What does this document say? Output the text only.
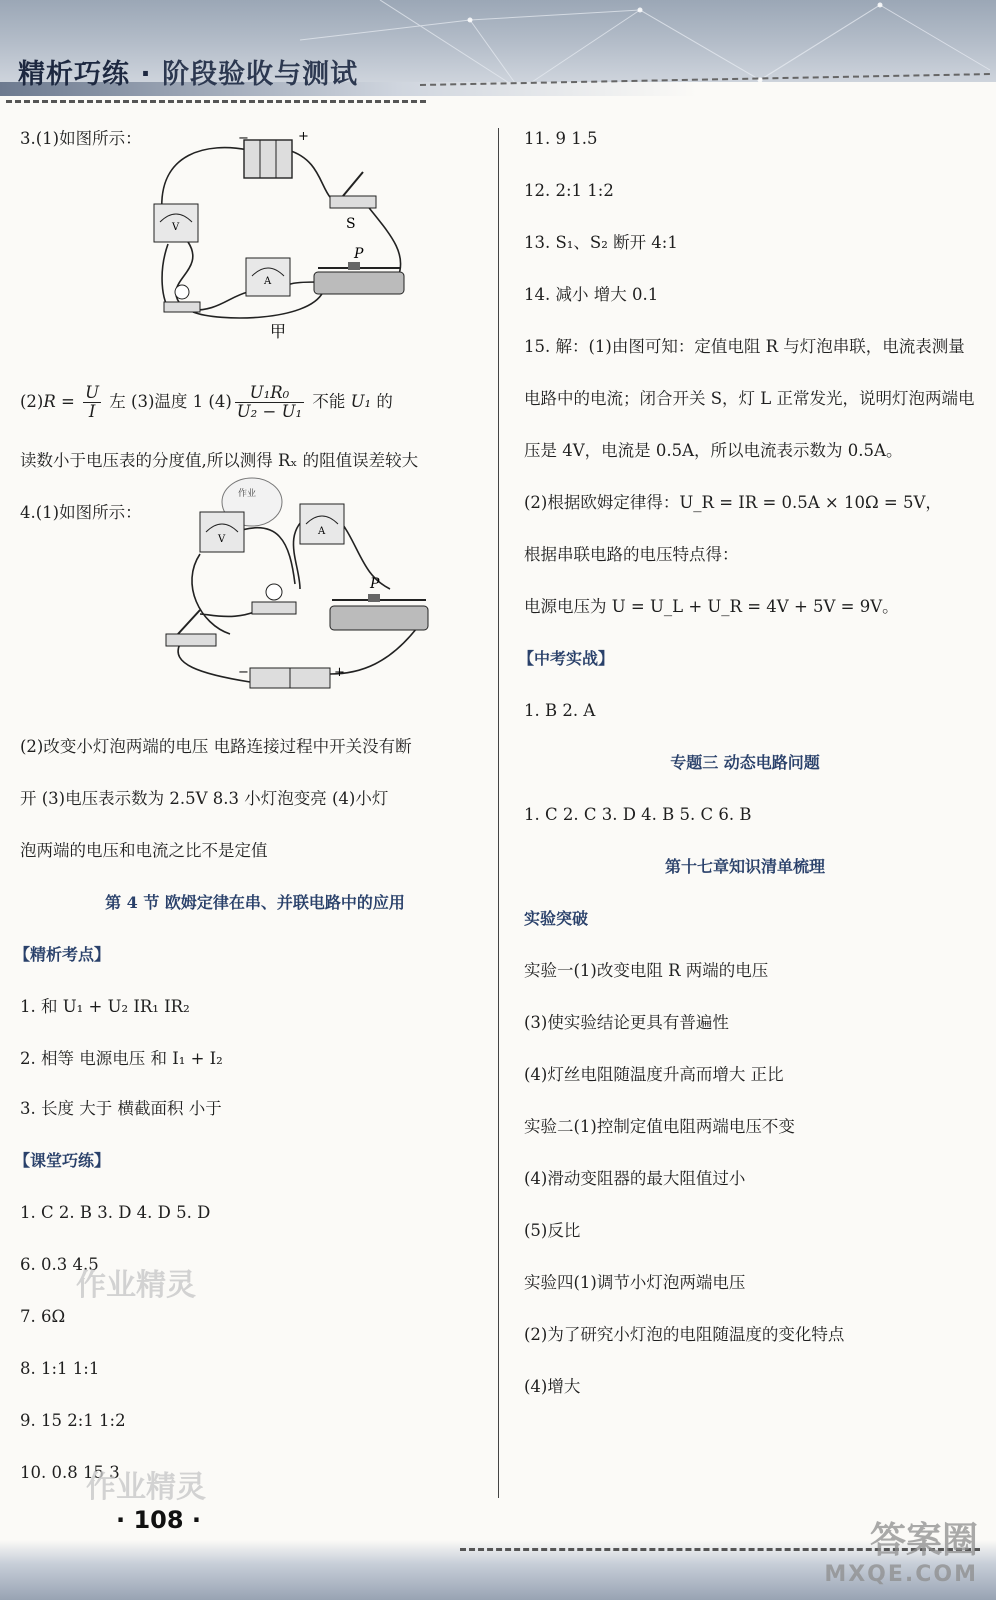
精析巧练 · 阶段验收与测试
3.(1)如图所示：	−	+
S
V
A
P
甲
$(2)R = \frac{U}{I}$ 左 (3)温度 1 $(4) \frac{\text{U₁R₀}}{\text{U₂ − U₁}}$ 不能 U₁ 的
读数小于电压表的分度值,所以测得 Rₓ 的阻值误差较大
4.(1)如图所示：
作业
V
A
P
−	+
(2)改变小灯泡两端的电压 电路连接过程中开关没有断
开 (3)电压表示数为 2.5V 8.3 小灯泡变亮 (4)小灯
泡两端的电压和电流之比不是定值
第 4 节 欧姆定律在串、并联电路中的应用
【精析考点】
1. 和 U₁ + U₂ IR₁ IR₂
2. 相等 电源电压 和 I₁ + I₂
3. 长度 大于 横截面积 小于
【课堂巧练】
1. C 2. B 3. D 4. D 5. D
6. 0.3 4.5
7. 6Ω
8. 1:1 1:1
9. 15 2:1 1:2
10. 0.8 15 3
作业精灵
作业精灵
11. 9 1.5
12. 2:1 1:2
13. S₁、S₂ 断开 4:1
14. 减小 增大 0.1
15. 解：(1)由图可知：定值电阻 R 与灯泡串联，电流表测量
电路中的电流；闭合开关 S，灯 L 正常发光，说明灯泡两端电
压是 4V，电流是 0.5A，所以电流表示数为 0.5A。
(2)根据欧姆定律得：U_R = IR = 0.5A × 10Ω = 5V，
根据串联电路的电压特点得：
电源电压为 U = U_L + U_R = 4V + 5V = 9V。
【中考实战】
1. B 2. A
专题三 动态电路问题
1. C 2. C 3. D 4. B 5. C 6. B
第十七章知识清单梳理
实验突破
实验一(1)改变电阻 R 两端的电压
(3)使实验结论更具有普遍性
(4)灯丝电阻随温度升高而增大 正比
实验二(1)控制定值电阻两端电压不变
(4)滑动变阻器的最大阻值过小
(5)反比
实验四(1)调节小灯泡两端电压
(2)为了研究小灯泡的电阻随温度的变化特点
(4)增大
· 108 ·	答案圈
MXQE.COM
